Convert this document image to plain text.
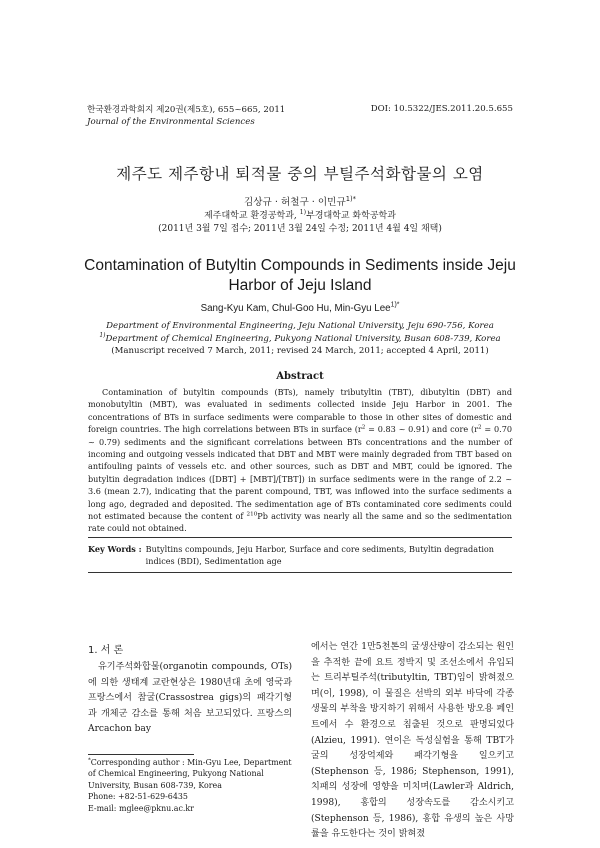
한국환경과학회지 제20권(제5호), 655~665, 2011
Journal of the Environmental Sciences
DOI: 10.5322/JES.2011.20.5.655
제주도 제주항내 퇴적물 중의 부틸주석화합물의 오염
김상규 · 허철구 · 이민규$^{1)*}$
제주대학교 환경공학과, $^{1)}$부경대학교 화학공학과
(2011년 3월 7일 접수; 2011년 3월 24일 수정; 2011년 4월 4일 채택)
Contamination of Butyltin Compounds in Sediments inside Jeju Harbor of Jeju Island
Sang-Kyu Kam, Chul-Goo Hu, Min-Gyu Lee$^{1)*}$
Department of Environmental Engineering, Jeju National University, Jeju 690-756, Korea
$^{1)}$Department of Chemical Engineering, Pukyong National University, Busan 608-739, Korea
(Manuscript received 7 March, 2011; revised 24 March, 2011; accepted 4 April, 2011)
Abstract
Contamination of butyltin compounds (BTs), namely tributyltin (TBT), dibutyltin (DBT) and monobutyltin (MBT), was evaluated in sediments collected inside Jeju Harbor in 2001. The concentrations of BTs in surface sediments were comparable to those in other sites of domestic and foreign countries. The high correlations between BTs in surface ($r^2 = 0.83$ ~ 0.91) and core ($r^2 = 0.70$ ~ 0.79) sediments and the significant correlations between BTs concentrations and the number of incoming and outgoing vessels indicated that DBT and MBT were mainly degraded from TBT based on antifouling paints of vessels etc. and other sources, such as DBT and MBT, could be ignored. The butyltin degradation indices ([DBT] + [MBT]/[TBT]) in surface sediments were in the range of 2.2 ~ 3.6 (mean 2.7), indicating that the parent compound, TBT, was inflowed into the surface sediments a long ago, degraded and deposited. The sedimentation age of BTs contaminated core sediments could not estimated because the content of $^{210}$Pb activity was nearly all the same and so the sedimentation rate could not obtained.
Key Words : Butyltins compounds, Jeju Harbor, Surface and core sediments, Butyltin degradation indices (BDI), Sedimentation age
1. 서 론
유기주석화합물(organotin compounds, OTs)에 의한 생태계 교란현상은 1980년대 초에 영국과 프랑스에서 참굴(Crassostrea gigs)의 패각기형과 개체군 감소를 통해 처음 보고되었다. 프랑스의 Arcachon bay
에서는 연간 1만5천톤의 굴생산량이 감소되는 원인을 추적한 끝에 요트 정박지 및 조선소에서 유입되는 트리부틸주석(tributyltin, TBT)임이 밝혀졌으며(이, 1998), 이 물질은 선박의 외부 바닥에 각종 생물의 부착을 방지하기 위해서 사용한 방오용 페인트에서 수 환경으로 침출된 것으로 판명되었다(Alzieu, 1991). 연이은 독성실험을 통해 TBT가 굴의 성장억제와 패각기형을 일으키고(Stephenson 등, 1986; Stephenson, 1991), 치패의 성장에 영향을 미치며(Lawler과 Aldrich, 1998), 홍합의 성장속도를 감소시키고(Stephenson 등, 1986), 홍합 유생의 높은 사망률을 유도한다는 것이 밝혀졌
*Corresponding author : Min-Gyu Lee, Department of Chemical Engineering, Pukyong National University, Busan 608-739, Korea
Phone: +82-51-629-6435
E-mail: mglee@pknu.ac.kr
